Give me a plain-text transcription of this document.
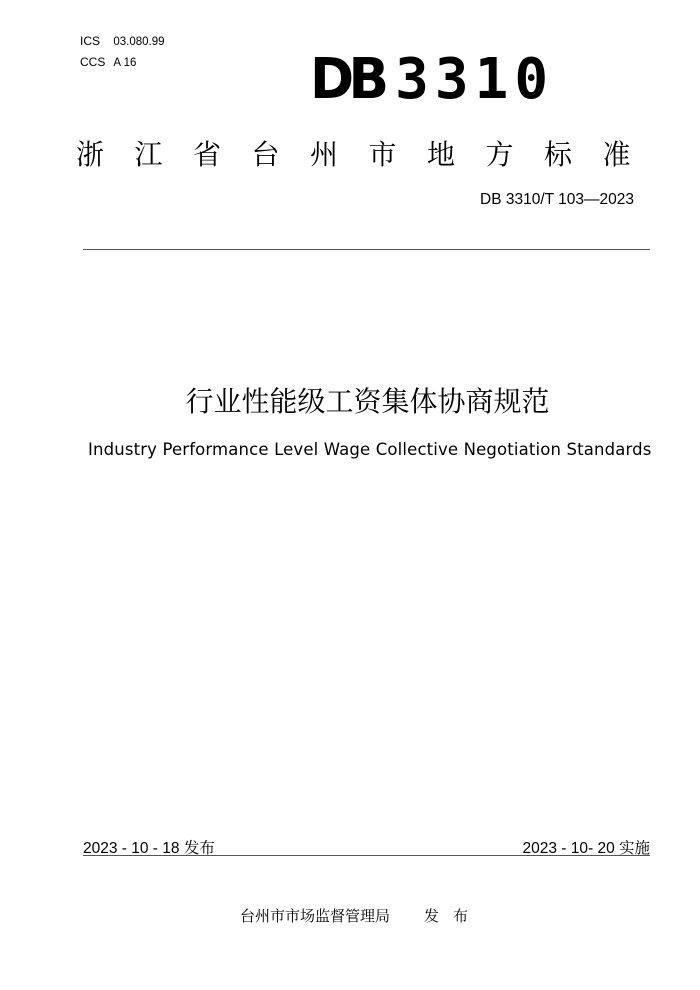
ICS 03.080.99
CCS A 16	DB 3310
浙江省台州市地方标准
DB 3310/T 103—2023
行业性能级工资集体协商规范
Industry Performance Level Wage Collective Negotiation Standards
2023 - 10 - 18 发布	2023 - 10- 20 实施
台州市市场监督管理局 发布
